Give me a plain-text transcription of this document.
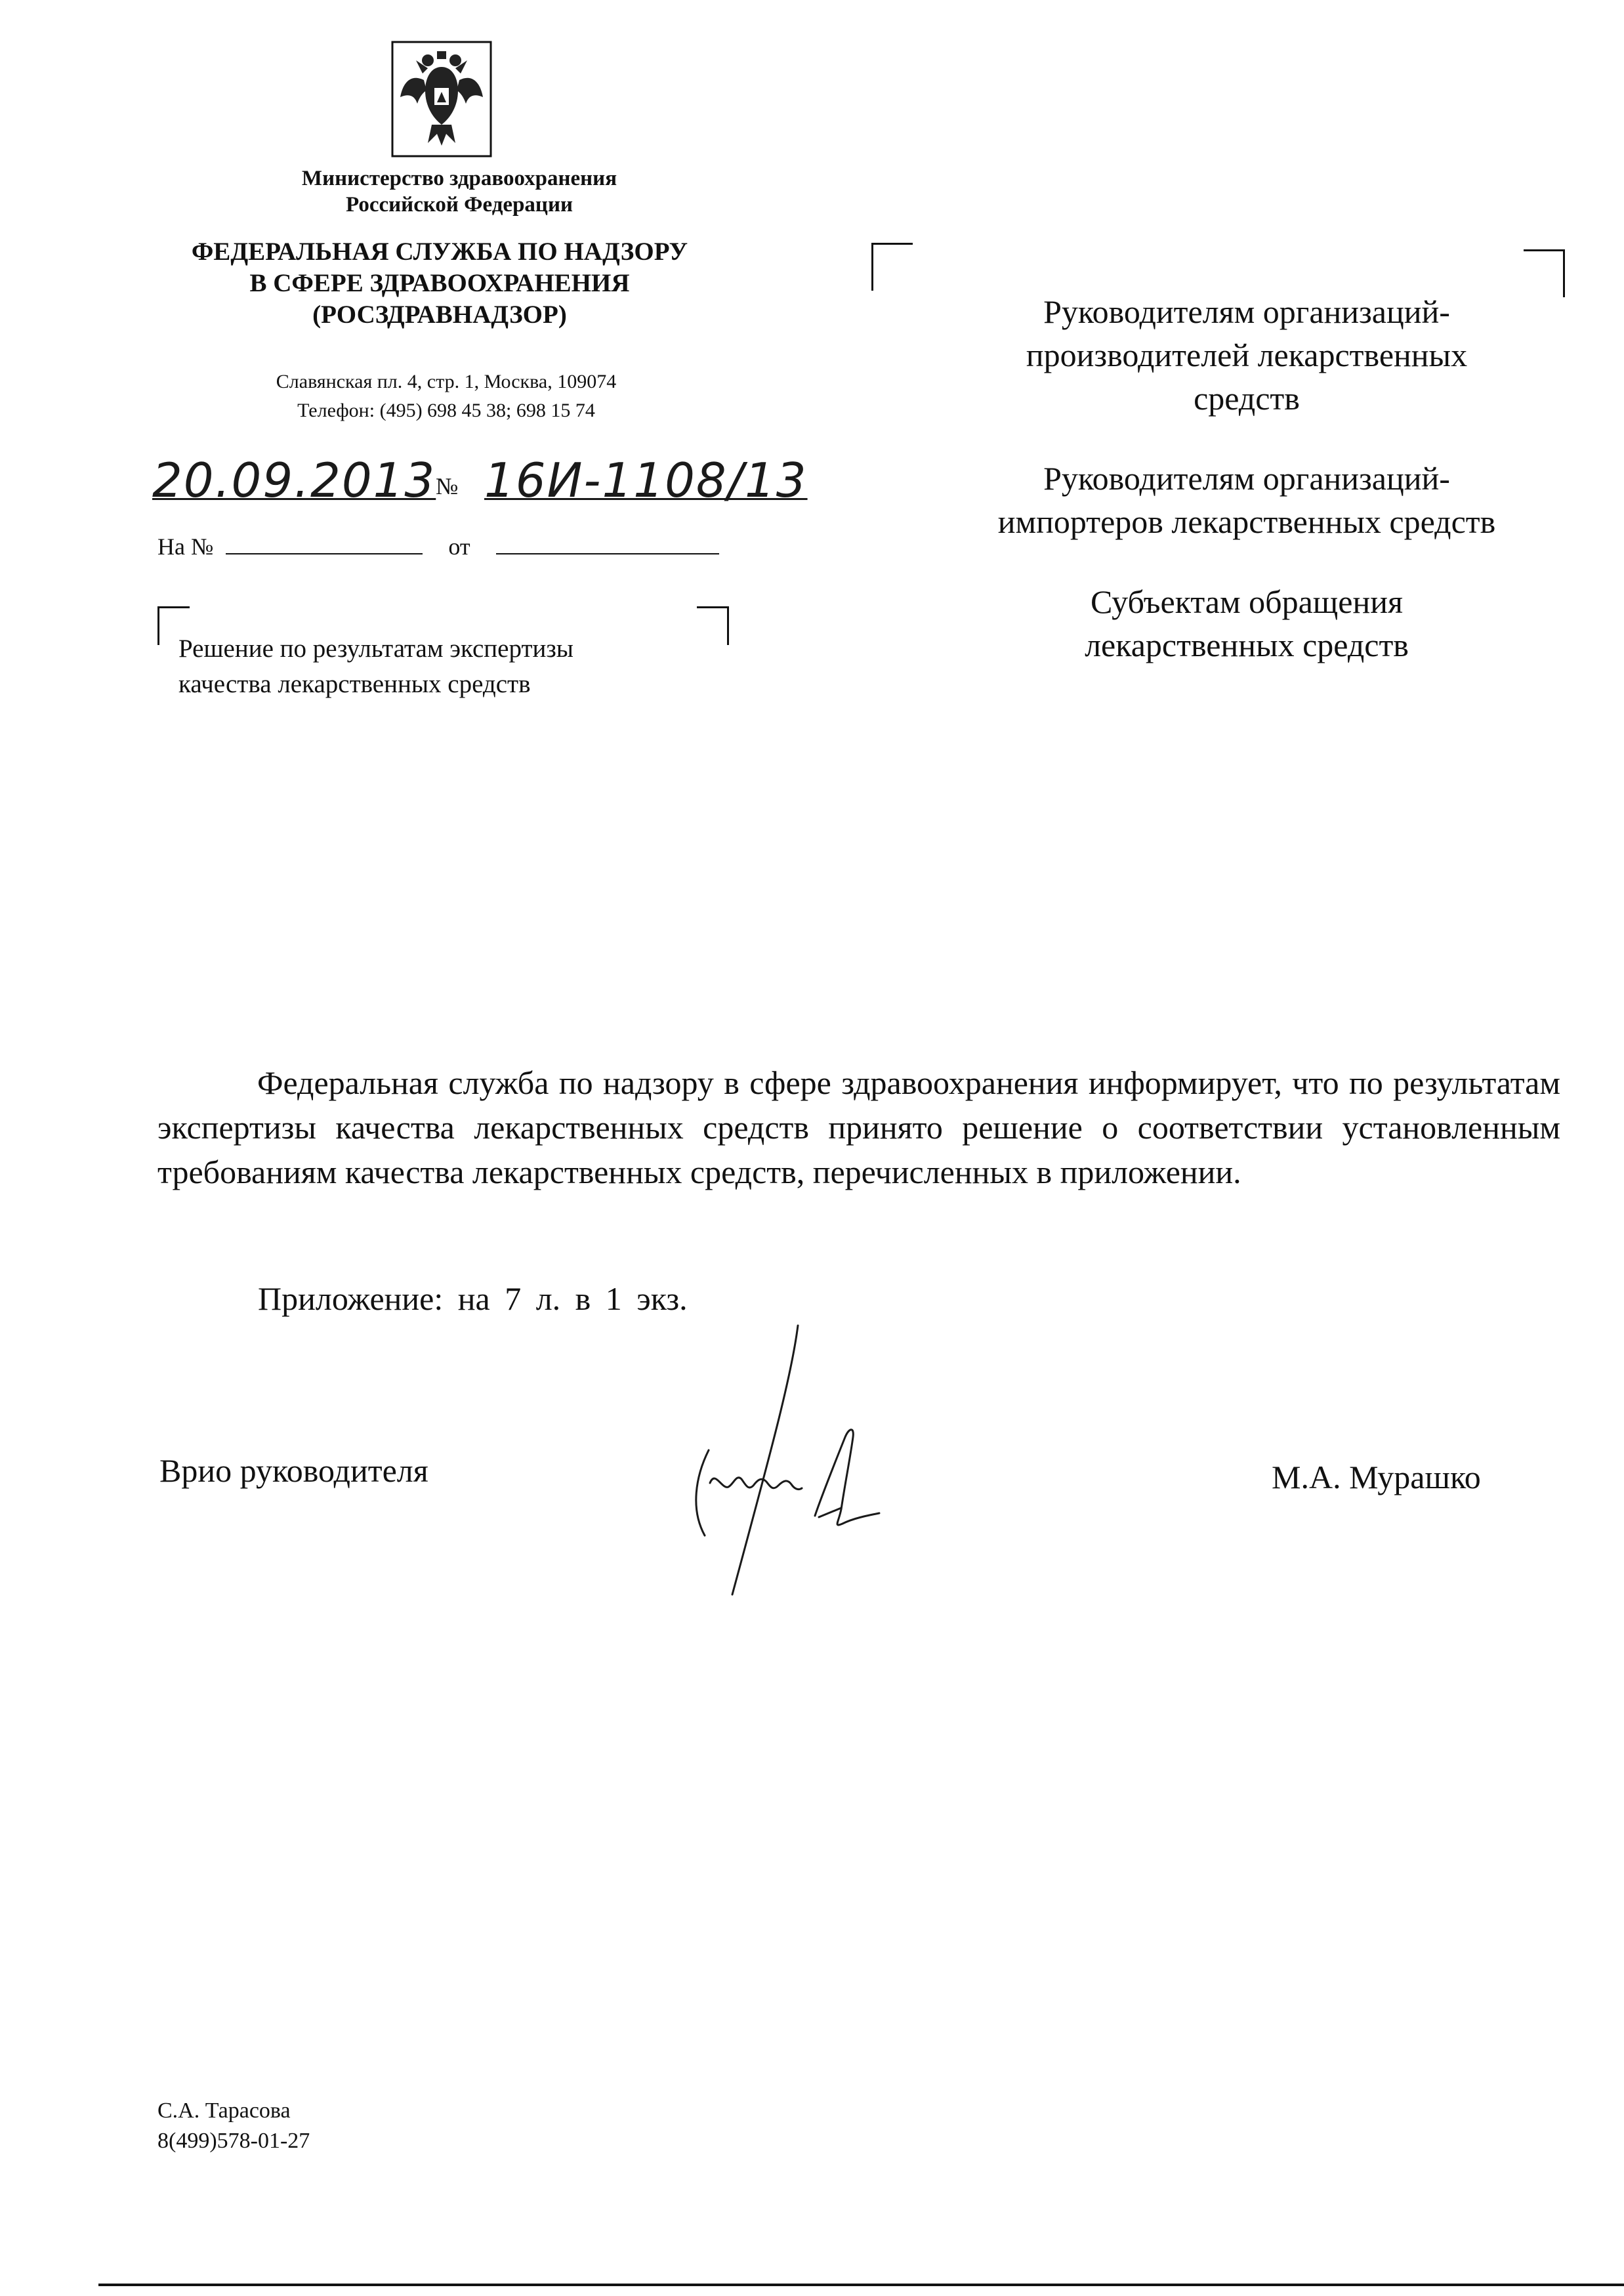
Министерство здравоохранения
Российской Федерации
ФЕДЕРАЛЬНАЯ СЛУЖБА ПО НАДЗОРУ
В СФЕРЕ ЗДРАВООХРАНЕНИЯ
(РОСЗДРАВНАДЗОР)
Славянская пл. 4, стр. 1, Москва, 109074
Телефон: (495) 698 45 38; 698 15 74
20.09.2013 № 16И-1108/13
На №	от
Решение по результатам экспертизы
качества лекарственных средств
Руководителям организаций-
производителей лекарственных
средств
Руководителям организаций-
импортеров лекарственных средств
Субъектам обращения
лекарственных средств
Федеральная служба по надзору в сфере здравоохранения информирует, что по результатам экспертизы качества лекарственных средств принято решение о соответствии установленным требованиям качества лекарственных средств, перечисленных в приложении.
Приложение: на 7 л. в 1 экз.
Врио руководителя	М.А. Мурашко
С.А. Тарасова
8(499)578-01-27
